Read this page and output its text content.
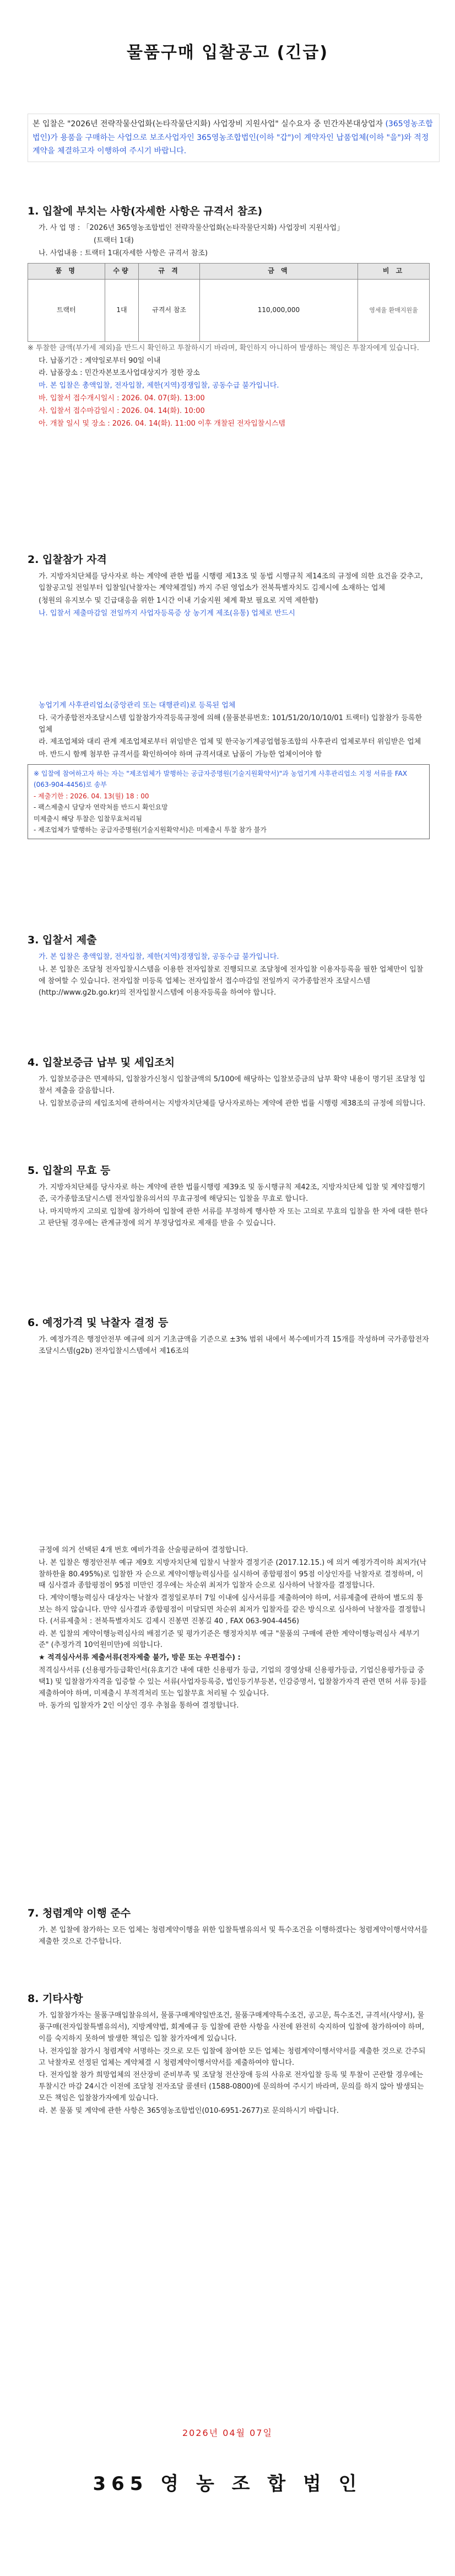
물품구매 입찰공고 (긴급)
본 입찰은 "2026년 전략작물산업화(논타작물단지화) 사업장비 지원사업" 실수요자 중 민간자본대상업자 (365영농조합법인)가 용품을 구매하는 사업으로 보조사업자인 365영농조합법인(이하 "갑")이 계약자인 납품업체(이하 "을")와 적정계약을 체결하고자 이행하여 주시기 바랍니다.
1. 입찰에 부치는 사항(자세한 사항은 규격서 참조)

가. 사 업 명 : 「2026년 365영농조합법인 전략작물산업화(논타작물단지화) 사업장비 지원사업」

(트랙터 1대)

나. 사업내용 : 트랙터 1대(자세한 사항은 규격서 참조)

품 명	수량	규 격	금 액	비 고
트랙터	1대	규격서 참조	110,000,000	영세율 환매지원율

※ 투찰한 금액(부가세 제외)을 반드시 확인하고 투찰하시기 바라며, 확인하지 아니하여 발생하는 책임은 투찰자에게 있습니다.

다. 납품기간 : 계약일로부터 90일 이내

라. 납품장소 : 민간자본보조사업대상지가 정한 장소

마. 본 입찰은 총액입찰, 전자입찰, 제한(지역)경쟁입찰, 공동수급 불가입니다.

바. 입찰서 접수개시일시 : 2026. 04. 07(화). 13:00

사. 입찰서 접수마감일시 : 2026. 04. 14(화). 10:00

아. 개찰 일시 및 장소 : 2026. 04. 14(화). 11:00 이후 개찰된 전자입찰시스템

2. 입찰참가 자격

가. 지방자치단체를 당사자로 하는 계약에 관한 법률 시행령 제13조 및 동법 시행규칙 제14조의 규정에 의한 요건을 갖추고, 입찰공고일 전일부터 입찰일(낙찰자는 계약체결일) 까지 주된 영업소가 전북특별자치도 김제시에 소재하는 업체

(청원의 유지보수 및 긴급대응을 위한 1시간 이내 기술지원 체계 확보 필요로 지역 제한함)

나. 입찰서 제출마감일 전일까지 사업자등록증 상 농기계 제조(유통) 업체로 반드시

농업기계 사후관리업소(중앙관리 또는 대행관리)로 등록된 업체

다. 국가종합전자조달시스템 입찰참가자격등록규정에 의해 (물품분류번호: 101/51/20/10/10/01 트랙터) 입찰참가 등록한 업체

라. 제조업체와 대리 관계 제조업체로부터 위임받은 업체 및 한국농기계공업협동조합의 사후관리 업체로부터 위임받은 업체

마. 반드시 함께 첨부한 규격서를 확인하여야 하며 규격서대로 납품이 가능한 업체이어야 함

※ 입찰에 참여하고자 하는 자는 "제조업체가 발행하는 공급자증명원(기술지원확약서)"과 농업기계 사후관리업소 지정 서류를 FAX (063-904-4456)로 송부
- 제출기한 : 2026. 04. 13(월) 18 : 00
- 팩스제출시 담당자 연락처를 반드시 확인요망
미제출시 해당 투찰은 입찰무효처리됨
- 제조업체가 발행하는 공급자증명원(기술지원확약서)은 미제출시 투찰 참가 불가
3. 입찰서 제출

가. 본 입찰은 총액입찰, 전자입찰, 제한(지역)경쟁입찰, 공동수급 불가입니다.

나. 본 입찰은 조달청 전자입찰시스템을 이용한 전자입찰로 진행되므로 조달청에 전자입찰 이용자등록을 필한 업체만이 입찰에 참여할 수 있습니다. 전자입찰 미등록 업체는 전자입찰서 접수마감일 전일까지 국가종합전자 조달시스템(http://www.g2b.go.kr)의 전자입찰시스템에 이용자등록을 하여야 합니다.

4. 입찰보증금 납부 및 세입조치

가. 입찰보증금은 면제하되, 입찰참가신청시 입찰금액의 5/100에 해당하는 입찰보증금의 납부 확약 내용이 명기된 조달청 입찰서 제출을 갈음합니다.

나. 입찰보증금의 세입조치에 관하여서는 지방자치단체를 당사자로하는 계약에 관한 법률 시행령 제38조의 규정에 의합니다.

5. 입찰의 무효 등

가. 지방자치단체를 당사자로 하는 계약에 관한 법률시행령 제39조 및 동시행규칙 제42조, 지방자치단체 입찰 및 계약집행기준, 국가종합조달시스템 전자입찰유의서의 무효규정에 해당되는 입찰을 무효로 합니다.

나. 마지막까지 고의로 입찰에 참가하여 입찰에 관한 서류를 부정하게 행사한 자 또는 고의로 무효의 입찰을 한 자에 대한 한다고 판단될 경우에는 관계규정에 의거 부정당업자로 제재를 받을 수 있습니다.

6. 예정가격 및 낙찰자 결정 등

가. 예정가격은 행정안전부 예규에 의거 기초금액을 기준으로 ±3% 범위 내에서 복수예비가격 15개를 작성하며 국가종합전자조달시스템(g2b) 전자입찰시스템에서 제16조의

규정에 의거 선택된 4개 번호 예비가격을 산술평균하여 결정합니다.

나. 본 입찰은 행정안전부 예규 제9호 지방자치단체 입찰시 낙찰자 결정기준 (2017.12.15.) 에 의거 예정가격이하 최저가(낙찰하한율 80.495%)로 입찰한 자 순으로 계약이행능력심사를 실시하여 종합평점이 95점 이상인자를 낙찰자로 결정하며, 이때 심사결과 종합평점이 95점 미만인 경우에는 차순위 최저가 입찰자 순으로 심사하여 낙찰자를 결정합니다.

다. 계약이행능력심사 대상자는 낙찰자 결정일로부터 7일 이내에 심사서류를 제출하여야 하며, 서류제출에 관하여 별도의 통보는 하지 않습니다. 만약 심사결과 종합평점이 미달되면 차순위 최저가 입찰자를 같은 방식으로 심사하여 낙찰자를 결정합니다. (서류제출처 : 전북특별자치도 김제시 진봉면 진봉길 40 , FAX 063-904-4456)

라. 본 입찰의 계약이행능력심사의 배점기준 및 평가기준은 행정자치부 예규 "물품의 구매에 관한 계약이행능력심사 세부기준" (추정가격 10억원미만)에 의합니다.

★ 적격심사서류 제출서류(전자제출 불가, 방문 또는 우편접수) :

적격심사서류 (신용평가등급확인서(유효기간 내에 대한 신용평가 등급, 기업의 경영상태 신용평가등급, 기업신용평가등급 중 택1) 및 입찰참가자격을 입증할 수 있는 서류(사업자등록증, 법인등기부등본, 인감증명서, 입찰참가자격 관련 면허 서류 등)를 제출하여야 하며, 미제출시 부적격처리 또는 입찰무효 처리될 수 있습니다.

마. 동가의 입찰자가 2인 이상인 경우 추첨을 통하여 결정합니다.

7. 청렴계약 이행 준수

가. 본 입찰에 참가하는 모든 업체는 청렴계약이행을 위한 입찰특별유의서 및 특수조건을 이행하겠다는 청렴계약이행서약서를 제출한 것으로 간주합니다.

8. 기타사항

가. 입찰참가자는 물품구매입찰유의서, 물품구매계약일반조건, 물품구매계약특수조건, 공고문, 특수조건, 규격서(사양서), 물품구매(전자입찰특별유의서), 지방계약법, 회계예규 등 입찰에 관한 사항을 사전에 완전히 숙지하여 입찰에 참가하여야 하며, 이를 숙지하지 못하여 발생한 책임은 입찰 참가자에게 있습니다.

나. 전자입찰 참가시 청렴계약 서명하는 것으로 모든 입찰에 참여한 모든 업체는 청렴계약이행서약서를 제출한 것으로 간주되고 낙찰자로 선정된 업체는 계약체결 시 청렴계약이행서약서를 제출하여야 합니다.

다. 전자입찰 참가 희망업체의 전산장비 준비부족 및 조달청 전산장애 등의 사유로 전자입찰 등록 및 투찰이 곤란할 경우에는 투찰시간 마감 24시간 이전에 조달청 전자조달 콜센터 (1588-0800)에 문의하여 주시기 바라며, 문의를 하지 않아 발생되는 모든 책임은 입찰참가자에게 있습니다.

라. 본 물품 및 계약에 관한 사항은 365영농조합법인(010-6951-2677)로 문의하시기 바랍니다.

2026년 04월 07일
365 영 농 조 합 법 인
